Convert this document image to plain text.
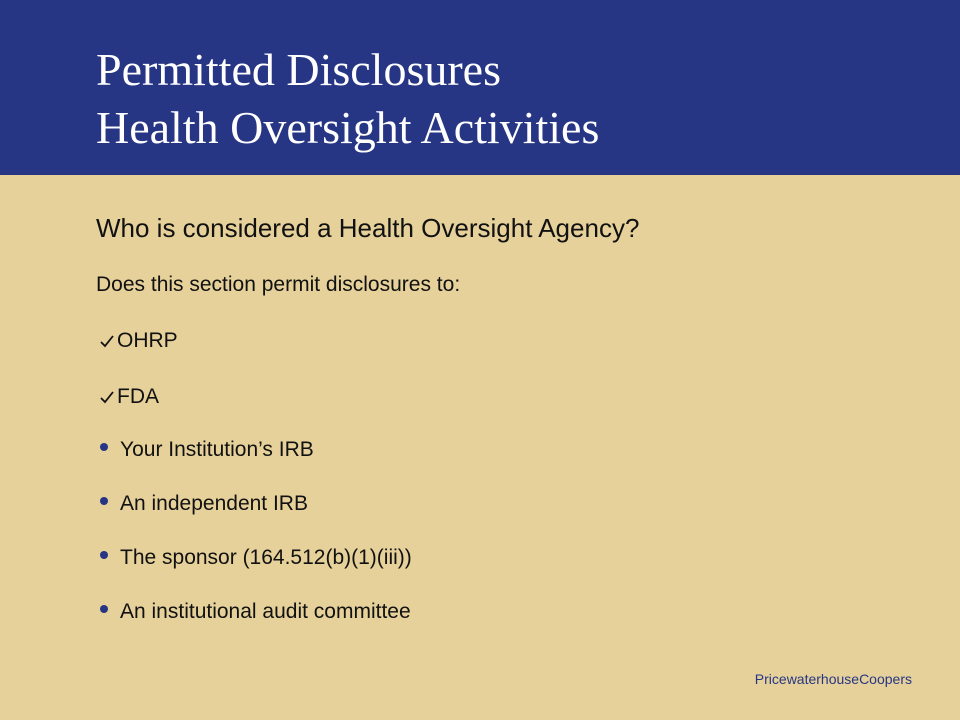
Permitted Disclosures
Health Oversight Activities
Who is considered a Health Oversight Agency?
Does this section permit disclosures to:
OHRP
FDA
Your Institution’s IRB
An independent IRB
The sponsor (164.512(b)(1)(iii))
An institutional audit committee
PricewaterhouseCoopers
